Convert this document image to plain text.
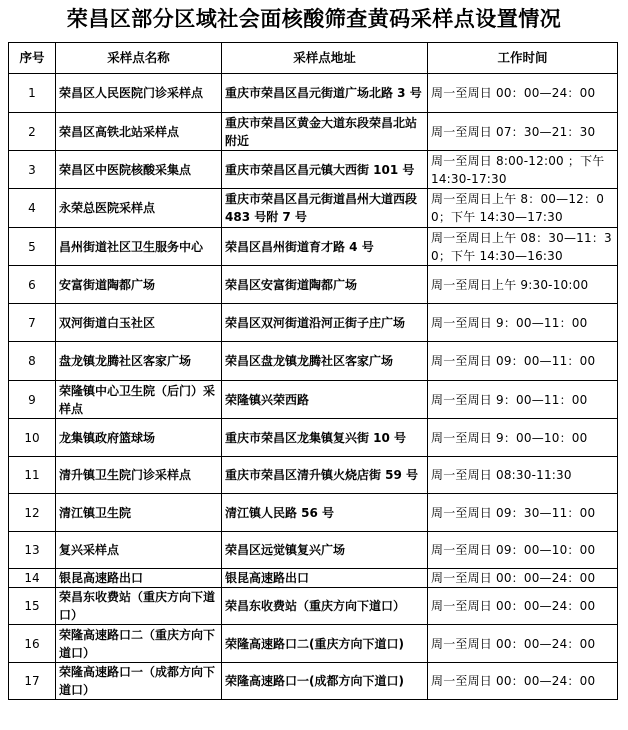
荣昌区部分区域社会面核酸筛查黄码采样点设置情况
序号	采样点名称	采样点地址	工作时间
1	荣昌区人民医院门诊采样点	重庆市荣昌区昌元街道广场北路 3 号	周一至周日 00：00—24：00
2	荣昌区高铁北站采样点	重庆市荣昌区黄金大道东段荣昌北站附近	周一至周日 07：30—21：30
3	荣昌区中医院核酸采集点	重庆市荣昌区昌元镇大西街 101 号	周一至周日 8:00-12:00 ；下午 14:30-17:30
4	永荣总医院采样点	重庆市荣昌区昌元街道昌州大道西段 483 号附 7 号	周一至周日上午 8：00—12：00；下午 14:30—17:30
5	昌州街道社区卫生服务中心	荣昌区昌州街道育才路 4 号	周一至周日上午 08：30—11：30；下午 14:30—16:30
6	安富街道陶都广场	荣昌区安富街道陶都广场	周一至周日上午 9:30-10:00
7	双河街道白玉社区	荣昌区双河街道沿河正街子庄广场	周一至周日 9：00—11：00
8	盘龙镇龙腾社区客家广场	荣昌区盘龙镇龙腾社区客家广场	周一至周日 09：00—11：00
9	荣隆镇中心卫生院（后门）采样点	荣隆镇兴荣西路	周一至周日 9：00—11：00
10	龙集镇政府篮球场	重庆市荣昌区龙集镇复兴街 10 号	周一至周日 9：00—10：00
11	清升镇卫生院门诊采样点	重庆市荣昌区清升镇火烧店街 59 号	周一至周日 08:30-11:30
12	清江镇卫生院	清江镇人民路 56 号	周一至周日 09：30—11：00
13	复兴采样点	荣昌区远觉镇复兴广场	周一至周日 09：00—10：00
14	银昆高速路出口	银昆高速路出口	周一至周日 00：00—24：00
15	荣昌东收费站（重庆方向下道口）	荣昌东收费站（重庆方向下道口）	周一至周日 00：00—24：00
16	荣隆高速路口二（重庆方向下道口）	荣隆高速路口二(重庆方向下道口)	周一至周日 00：00—24：00
17	荣隆高速路口一（成都方向下道口）	荣隆高速路口一(成都方向下道口)	周一至周日 00：00—24：00
